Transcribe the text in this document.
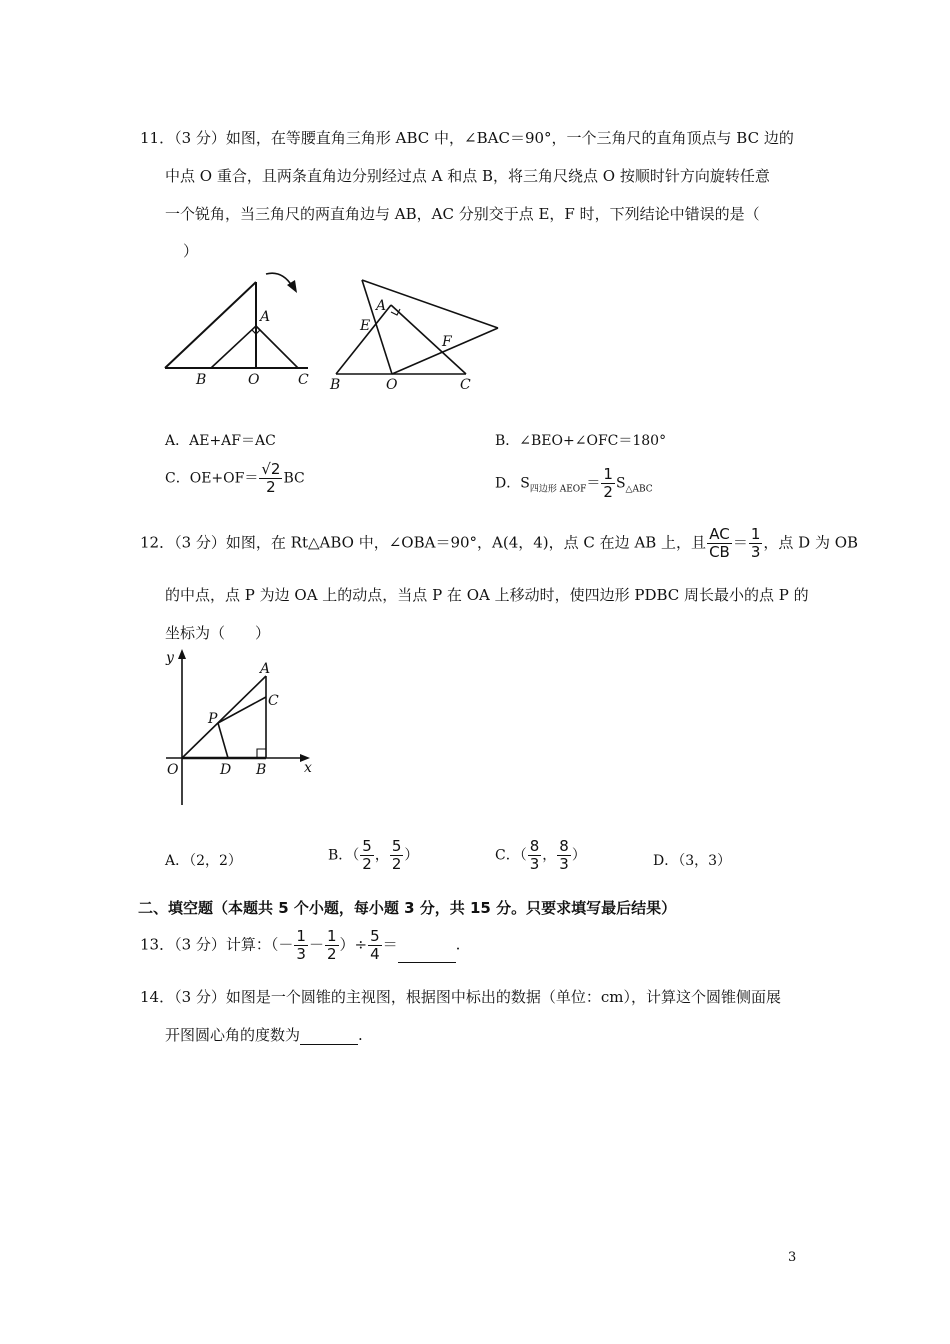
11．（3 分）如图，在等腰直角三角形 ABC 中，∠BAC＝90°，一个三角尺的直角顶点与 BC 边的
中点 O 重合，且两条直角边分别经过点 A 和点 B，将三角尺绕点 O 按顺时针方向旋转任意
一个锐角，当三角尺的两直角边与 AB，AC 分别交于点 E，F 时，下列结论中错误的是（
）
A
B	O	C
A
E
F
B	O	C
A．AE+AF＝AC	B．∠BEO+∠OFC＝180°
C．$OE+OF= \frac{√2}{2}$ BC	D．$S_{四边形 AEOF}= \frac{1}{2} S_{\triangle ABC}$
12．（3 分）如图，在 Rt△ABO 中，∠OBA＝90°，A(4，4)，点 C 在边 AB 上，且 $\frac{AC}{CB} = \frac{1}{3}$ ，点 D 为 OB
的中点，点 P 为边 OA 上的动点，当点 P 在 OA 上移动时，使四边形 PDBC 周长最小的点 P 的
坐标为（　　）
y
A
C
P
O	D B	x
A．（2，2）	B．（ $\frac{5}{2}$ ， $\frac{5}{2}$ ）	C．（ $\frac{8}{3}$ ， $\frac{8}{3}$ ）	D．（3，3）
二、填空题（本题共 5 个小题，每小题 3 分，共 15 分。只要求填写最后结果）
13．（3 分）计算：（－ $\frac{1}{3} - \frac{1}{2}$ ）÷ $\frac{5}{4}$ ＝	.
14．（3 分）如图是一个圆锥的主视图，根据图中标出的数据（单位：cm），计算这个圆锥侧面展
开图圆心角的度数为	.
3
